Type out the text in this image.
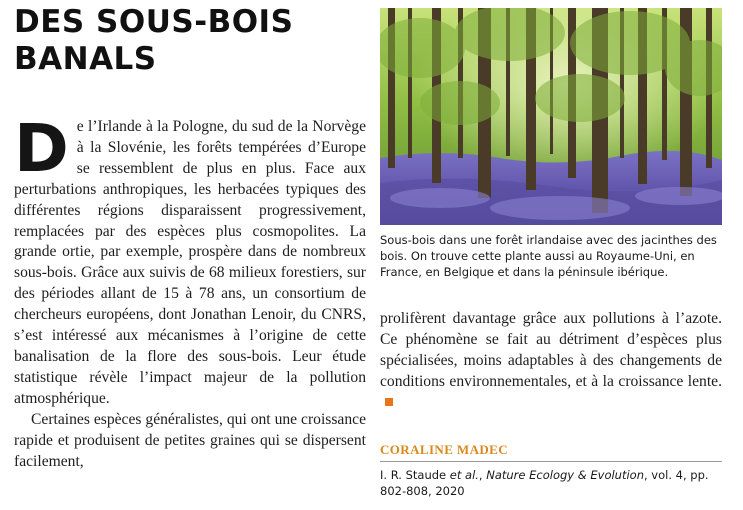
DES SOUS-BOIS
BANALS

De l’Irlande à la Pologne, du sud de la Norvège à la Slovénie, les forêts tempérées d’Europe se ressemblent de plus en plus. Face aux perturbations anthropiques, les herbacées typiques des différentes régions disparaissent progressivement, remplacées par des espèces plus cosmopolites. La grande ortie, par exemple, prospère dans de nombreux sous-bois. Grâce aux suivis de 68 milieux forestiers, sur des périodes allant de 15 à 78 ans, un consortium de chercheurs européens, dont Jonathan Lenoir, du CNRS, s’est intéressé aux mécanismes à l’origine de cette banalisation de la flore des sous-bois. Leur étude statistique révèle l’impact majeur de la pollution atmosphérique.

Certaines espèces généralistes, qui ont une croissance rapide et produisent de petites graines qui se dispersent facilement,

Sous-bois dans une forêt irlandaise avec des jacinthes des bois. On trouve cette plante aussi au Royaume-Uni, en France, en Belgique et dans la péninsule ibérique.

prolifèrent davantage grâce aux pollutions à l’azote. Ce phénomène se fait au détriment d’espèces plus spécialisées, moins adaptables à des changements de conditions environnementales, et à la croissance lente.

CORALINE MADEC

I. R. Staude et al., Nature Ecology & Evolution, vol. 4, pp. 802-808, 2020
